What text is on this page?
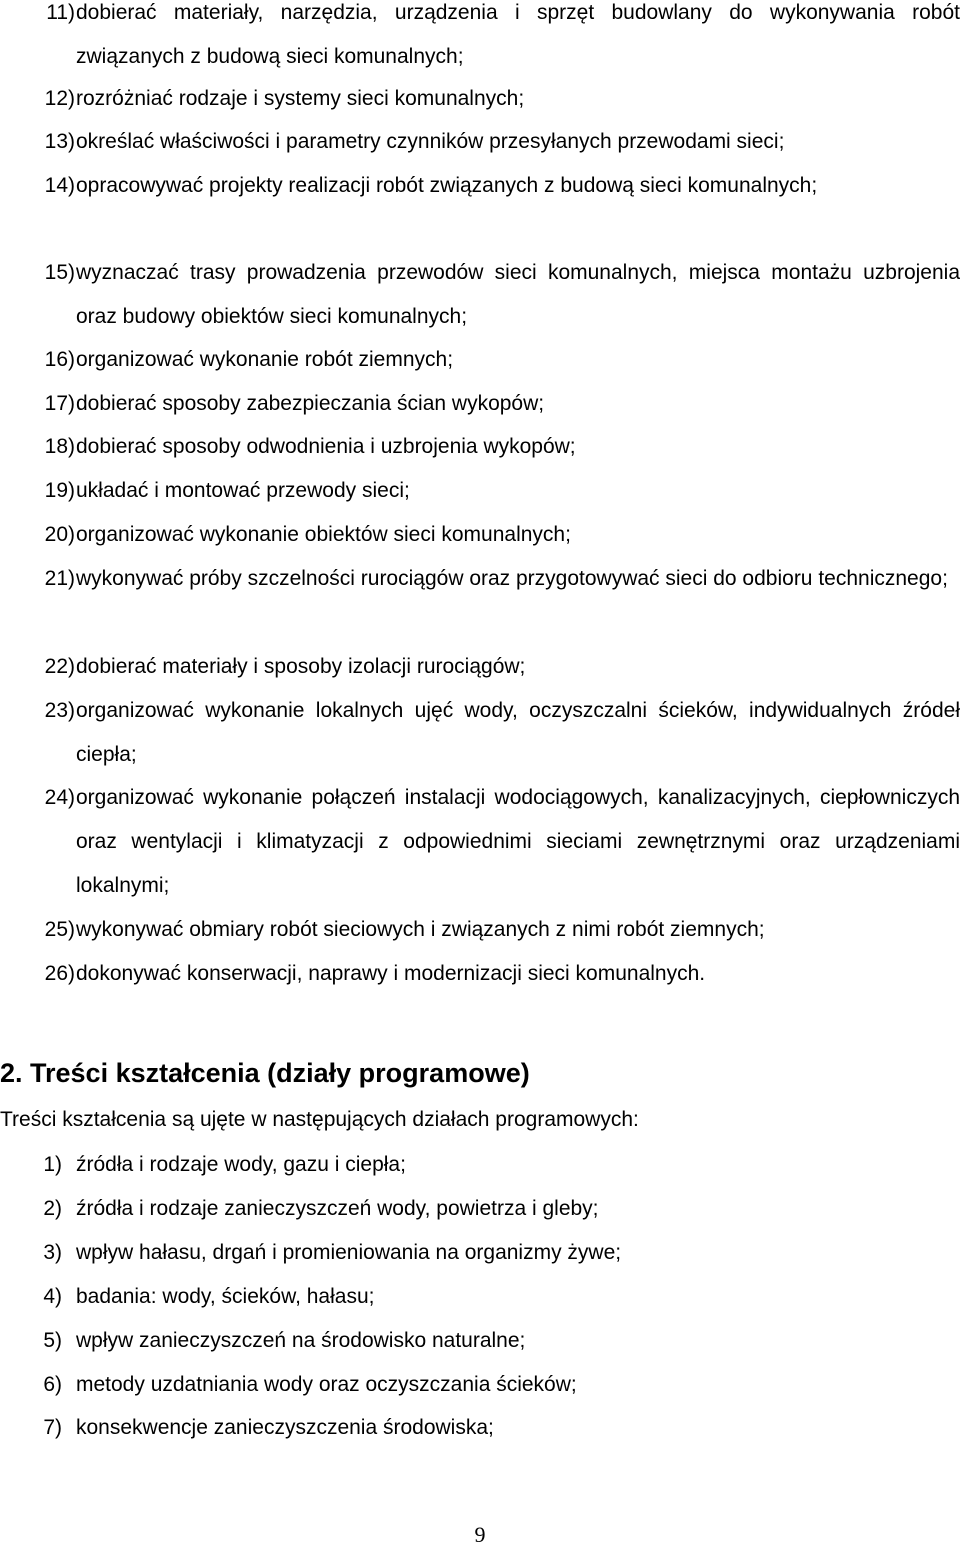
11) dobierać materiały, narzędzia, urządzenia i sprzęt budowlany do wykonywania robót związanych z budową sieci komunalnych;
12) rozróżniać rodzaje i systemy sieci komunalnych;
13) określać właściwości i parametry czynników przesyłanych przewodami sieci;
14) opracowywać projekty realizacji robót związanych z budową sieci komunalnych;
15) wyznaczać trasy prowadzenia przewodów sieci komunalnych, miejsca montażu uzbrojenia oraz budowy obiektów sieci komunalnych;
16) organizować wykonanie robót ziemnych;
17) dobierać sposoby zabezpieczania ścian wykopów;
18) dobierać sposoby odwodnienia i uzbrojenia wykopów;
19) układać i montować przewody sieci;
20) organizować wykonanie obiektów sieci komunalnych;
21) wykonywać próby szczelności rurociągów oraz przygotowywać sieci do odbioru technicznego;
22) dobierać materiały i sposoby izolacji rurociągów;
23) organizować wykonanie lokalnych ujęć wody, oczyszczalni ścieków, indywidualnych źródeł ciepła;
24) organizować wykonanie połączeń instalacji wodociągowych, kanalizacyjnych, ciepłowniczych oraz wentylacji i klimatyzacji z odpowiednimi sieciami zewnętrznymi oraz urządzeniami lokalnymi;
25) wykonywać obmiary robót sieciowych i związanych z nimi robót ziemnych;
26) dokonywać konserwacji, naprawy i modernizacji sieci komunalnych.
2. Treści kształcenia (działy programowe)
Treści kształcenia są ujęte w następujących działach programowych:
1) źródła i rodzaje wody, gazu i ciepła;
2) źródła i rodzaje zanieczyszczeń wody, powietrza i gleby;
3) wpływ hałasu, drgań i promieniowania na organizmy żywe;
4) badania: wody, ścieków, hałasu;
5) wpływ zanieczyszczeń na środowisko naturalne;
6) metody uzdatniania wody oraz oczyszczania ścieków;
7) konsekwencje zanieczyszczenia środowiska;
9
